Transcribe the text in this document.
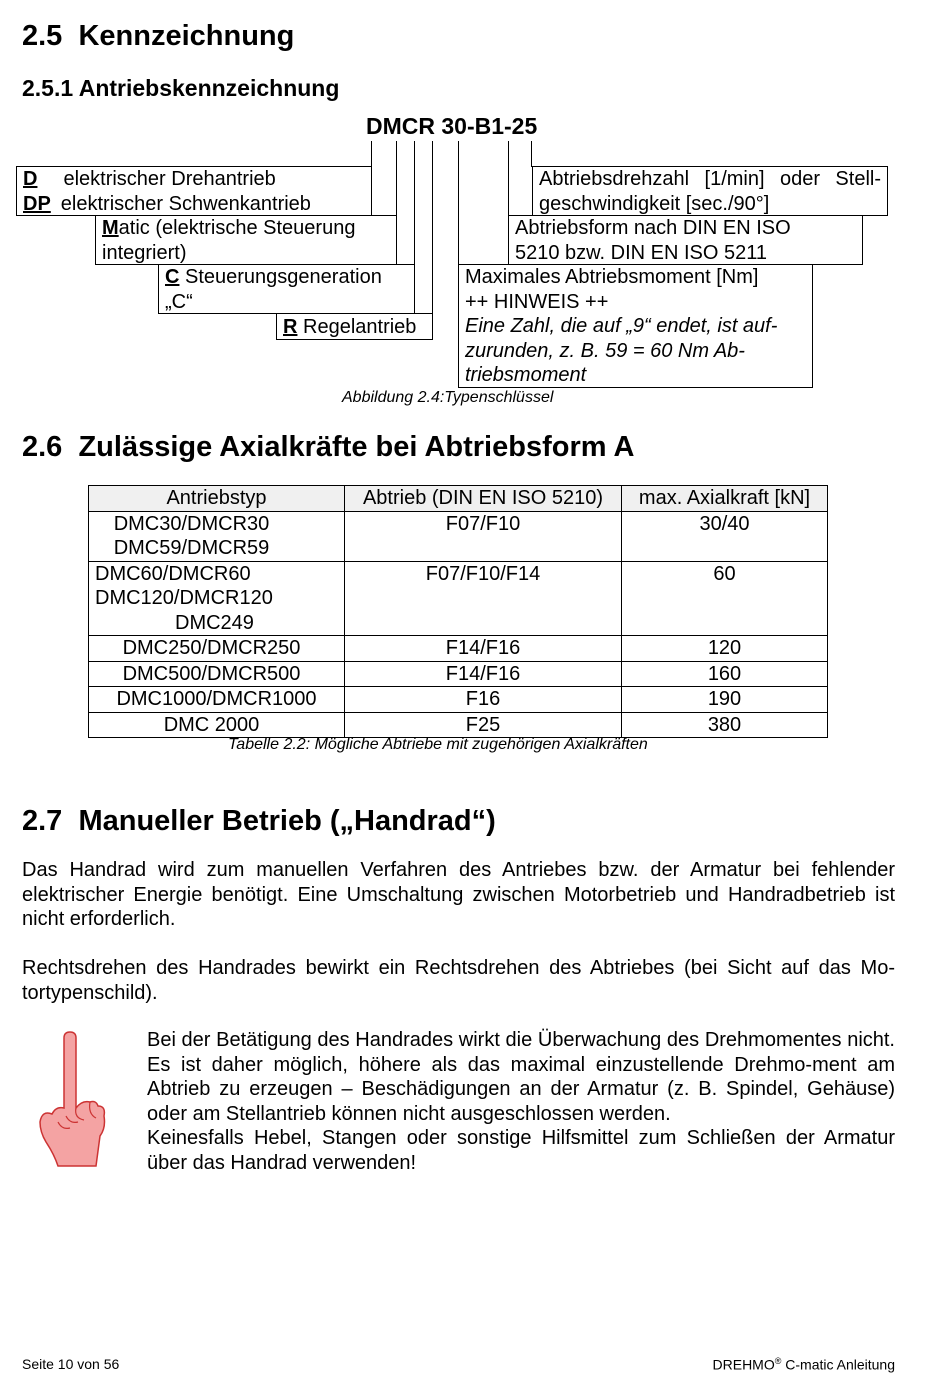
2.5 Kennzeichnung
2.5.1 Antriebskennzeichnung
DMCR 30-B1-25
D elektrischer Drehantrieb
DP elektrischer Schwenkantrieb
Matic (elektrische Steuerung
integriert)
C Steuerungsgeneration
„C“
R Regelantrieb
Abtriebsdrehzahl [1/min] oder Stell-
geschwindigkeit [sec./90°]
Abtriebsform nach DIN EN ISO
5210 bzw. DIN EN ISO 5211
Maximales Abtriebsmoment [Nm]
++ HINWEIS ++
Eine Zahl, die auf „9“ endet, ist auf-
zurunden, z. B. 59 = 60 Nm Ab-
triebsmoment
Abbildung 2.4:Typenschlüssel
2.6 Zulässige Axialkräfte bei Abtriebsform A
Antriebstyp	Abtrieb (DIN EN ISO 5210)	max. Axialkraft [kN]

DMC30/DMCR30
DMC59/DMCR59	F07/F10	30/40

DMC60/DMCR60
DMC120/DMCR120
DMC249	F07/F10/F14	60

DMC250/DMCR250	F14/F16	120

DMC500/DMCR500	F14/F16	160

DMC1000/DMCR1000	F16	190

DMC 2000	F25	380
Tabelle 2.2: Mögliche Abtriebe mit zugehörigen Axialkräften
2.7 Manueller Betrieb („Handrad“)
Das Handrad wird zum manuellen Verfahren des Antriebes bzw. der Armatur bei fehlender elektrischer Energie benötigt. Eine Umschaltung zwischen Motorbetrieb und Handradbetrieb ist nicht erforderlich.
Rechtsdrehen des Handrades bewirkt ein Rechtsdrehen des Abtriebes (bei Sicht auf das Mo-tortypenschild).
Bei der Betätigung des Handrades wirkt die Überwachung des Drehmomentes nicht. Es ist daher möglich, höhere als das maximal einzustellende Drehmo-ment am Abtrieb zu erzeugen – Beschädigungen an der Armatur (z. B. Spindel, Gehäuse) oder am Stellantrieb können nicht ausgeschlossen werden.
Keinesfalls Hebel, Stangen oder sonstige Hilfsmittel zum Schließen der Armatur über das Handrad verwenden!
Seite 10 von 56	DREHMO® C-matic Anleitung
